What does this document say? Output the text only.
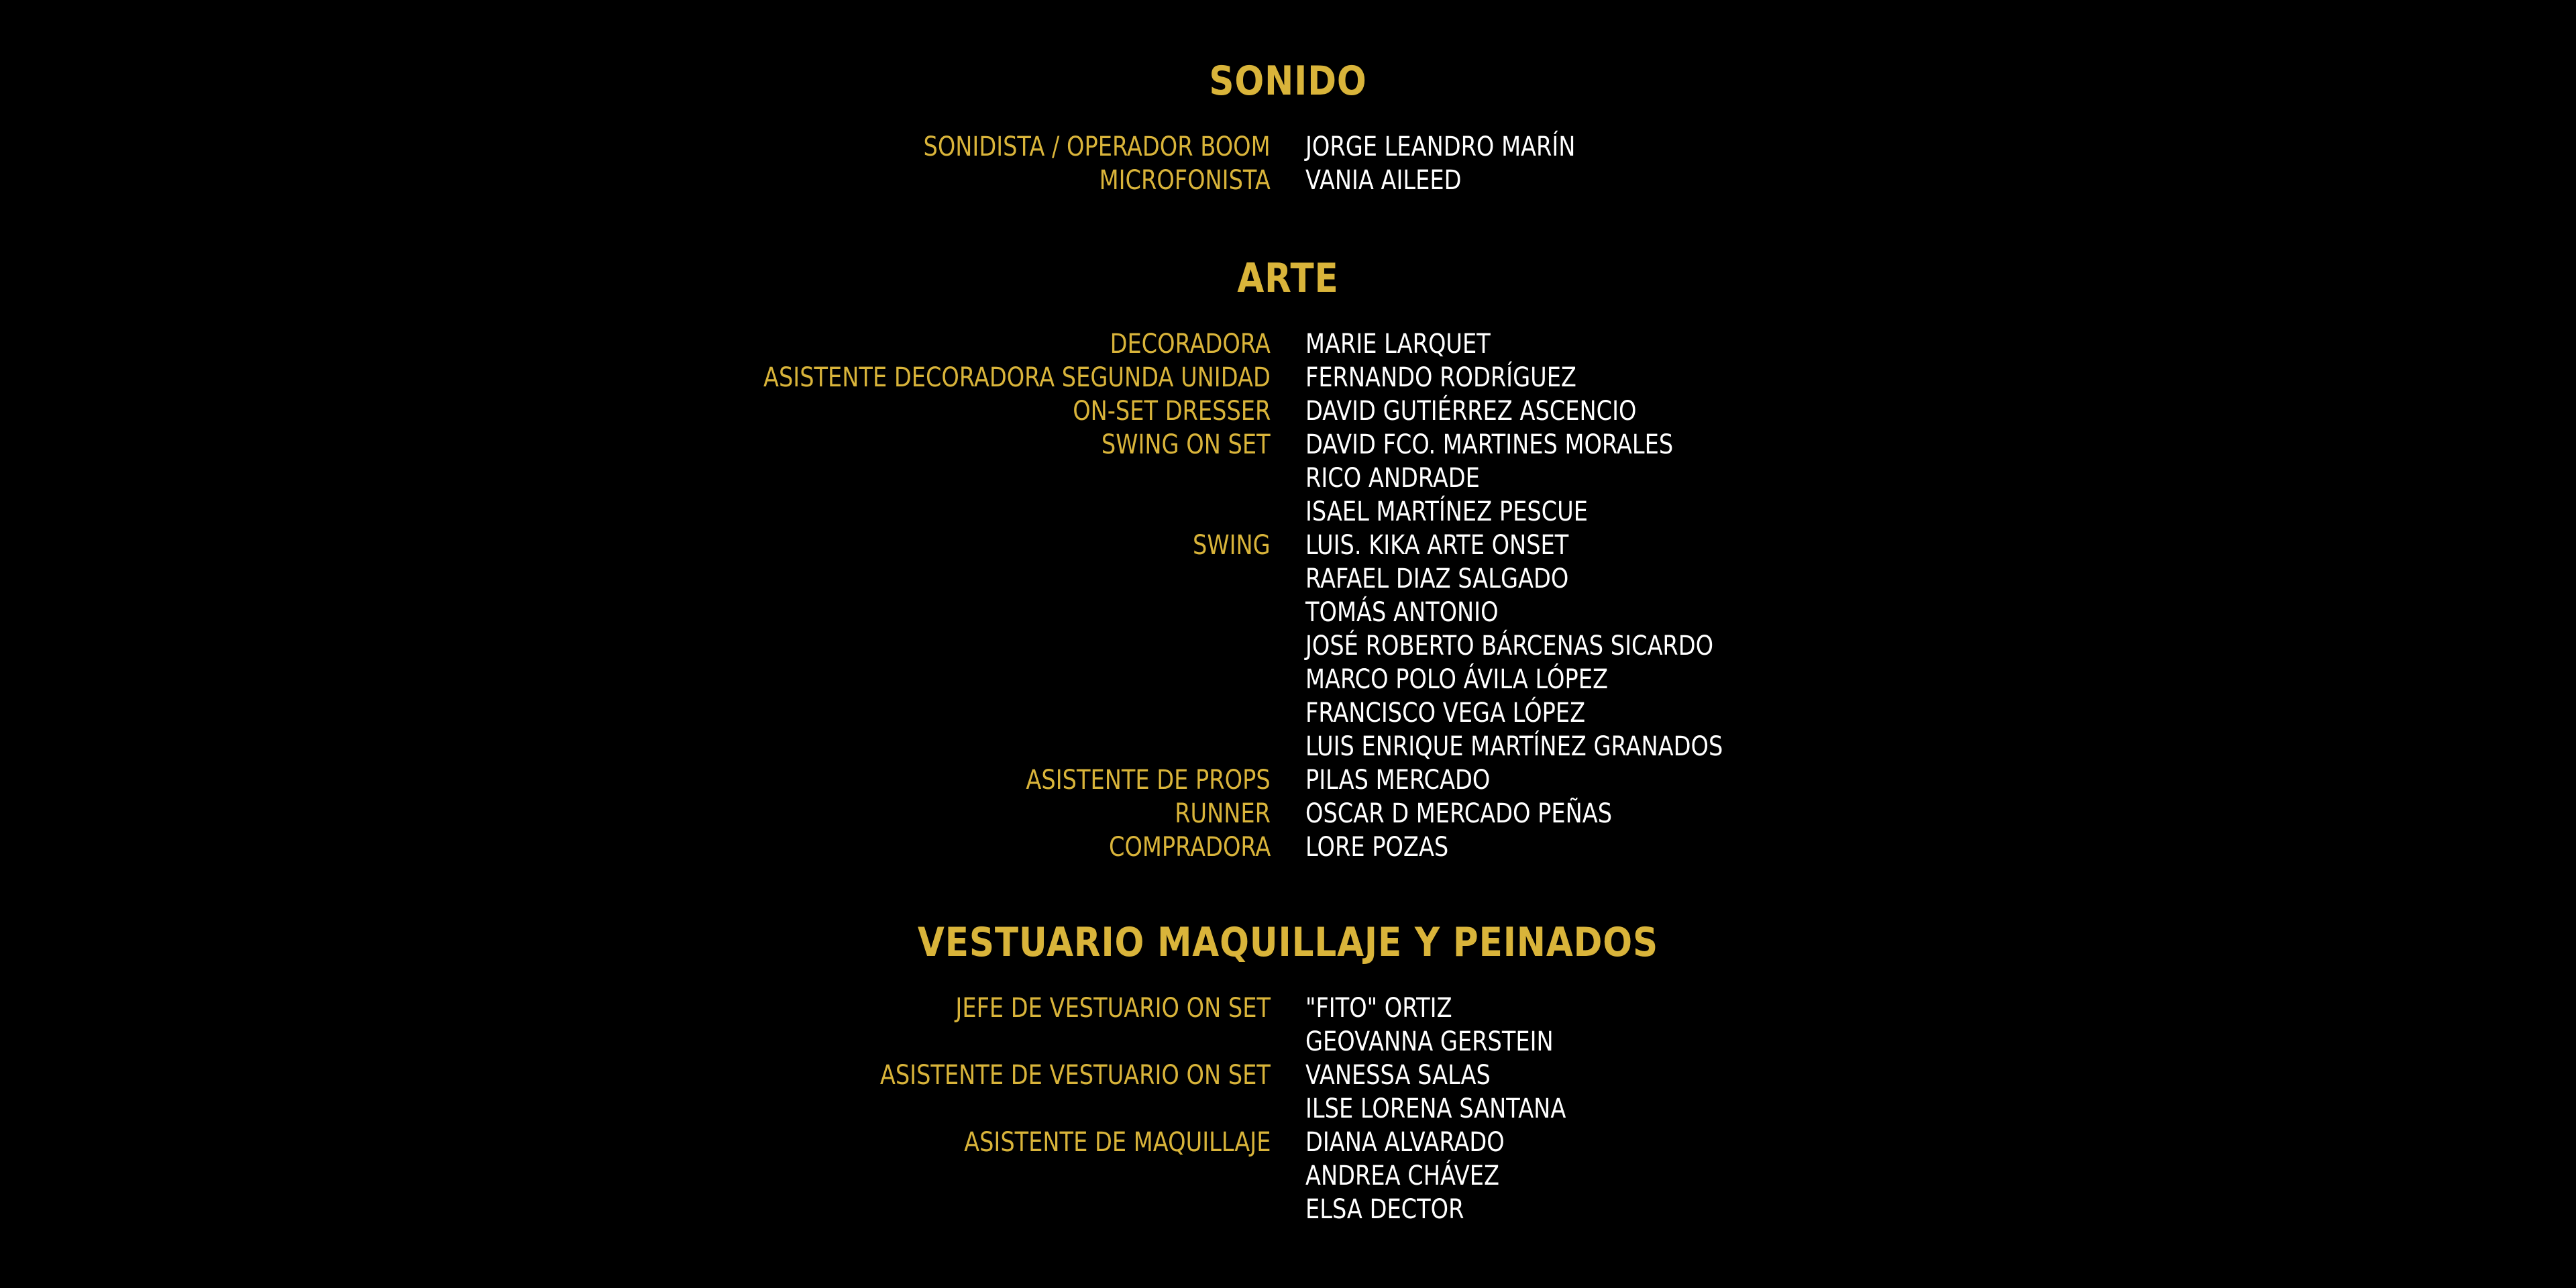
SONIDO
SONIDISTA / OPERADOR BOOM JORGE LEANDRO MARÍN
MICROFONISTA VANIA AILEED
ARTE
DECORADORA MARIE LARQUET
ASISTENTE DECORADORA SEGUNDA UNIDAD FERNANDO RODRÍGUEZ
ON-SET DRESSER DAVID GUTIÉRREZ ASCENCIO
SWING ON SET DAVID FCO. MARTINES MORALES
RICO ANDRADE
ISAEL MARTÍNEZ PESCUE
SWING LUIS. KIKA ARTE ONSET
RAFAEL DIAZ SALGADO
TOMÁS ANTONIO
JOSÉ ROBERTO BÁRCENAS SICARDO
MARCO POLO ÁVILA LÓPEZ
FRANCISCO VEGA LÓPEZ
LUIS ENRIQUE MARTÍNEZ GRANADOS
ASISTENTE DE PROPS PILAS MERCADO
RUNNER OSCAR D MERCADO PEÑAS
COMPRADORA LORE POZAS
VESTUARIO MAQUILLAJE Y PEINADOS
JEFE DE VESTUARIO ON SET "FITO" ORTIZ
GEOVANNA GERSTEIN
ASISTENTE DE VESTUARIO ON SET VANESSA SALAS
ILSE LORENA SANTANA
ASISTENTE DE MAQUILLAJE DIANA ALVARADO
ANDREA CHÁVEZ
ELSA DECTOR
